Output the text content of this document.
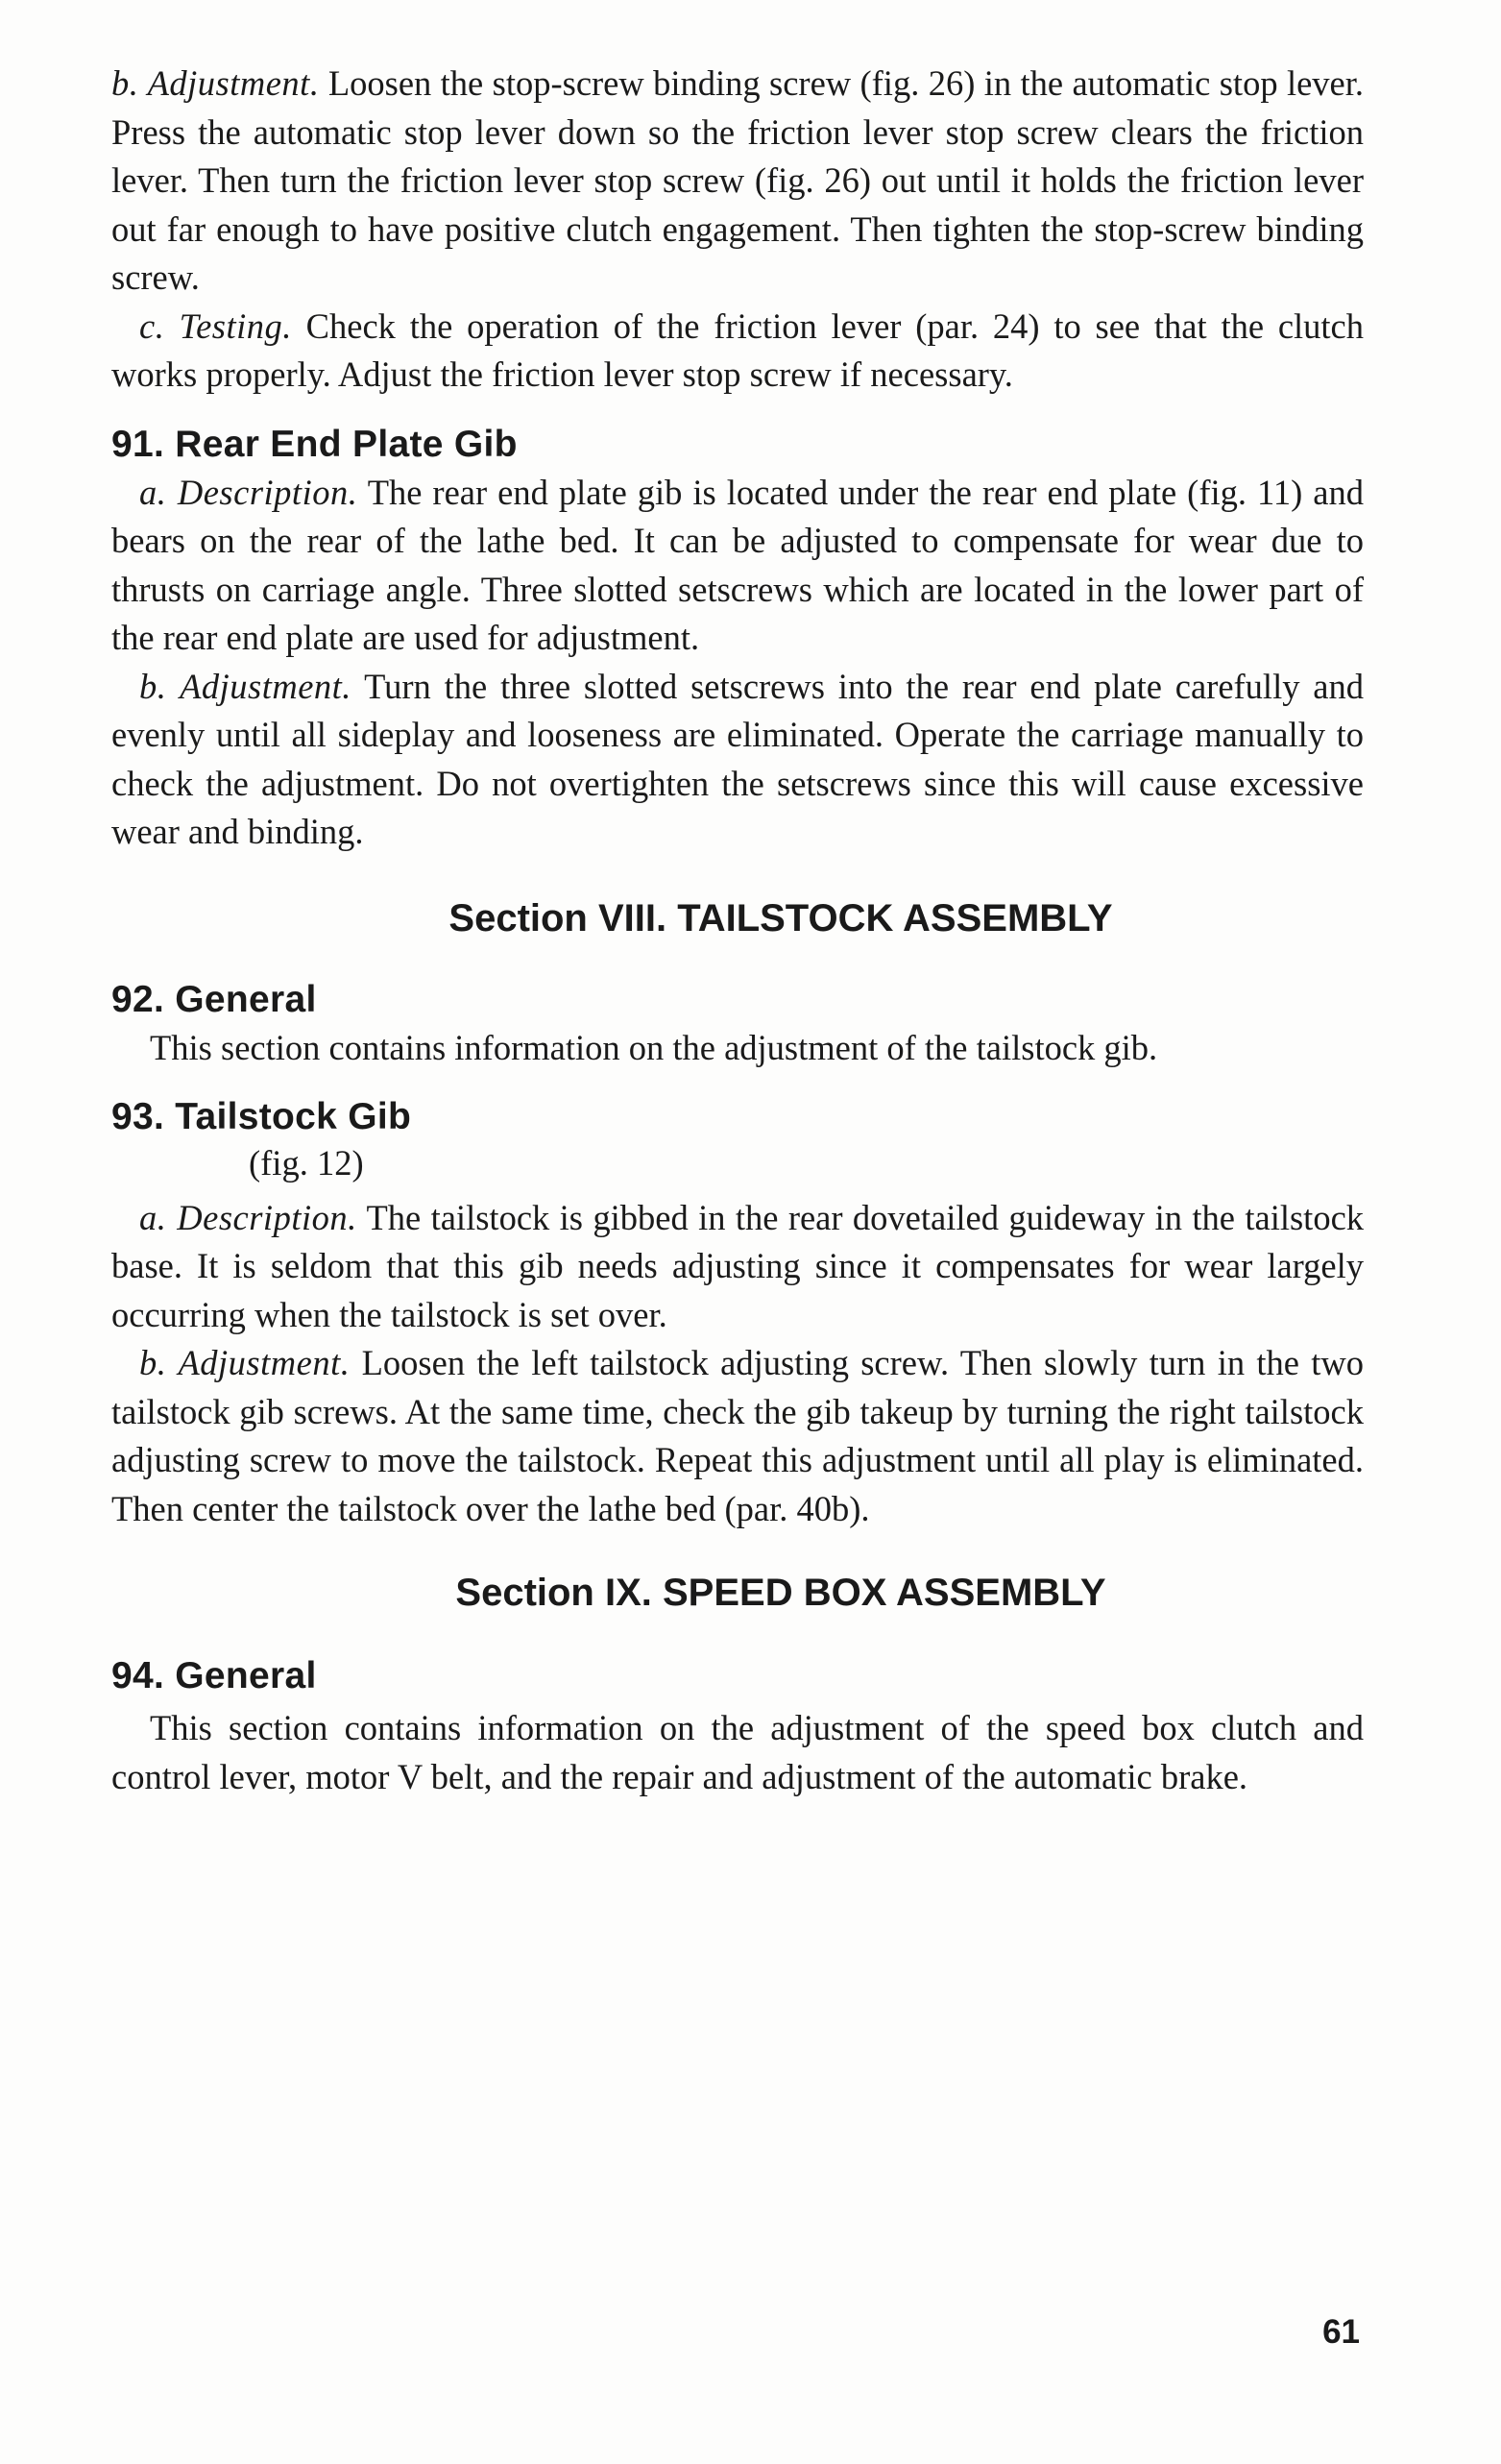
b. Adjustment. Loosen the stop-screw binding screw (fig. 26) in the automatic stop lever. Press the automatic stop lever down so the friction lever stop screw clears the friction lever. Then turn the friction lever stop screw (fig. 26) out until it holds the friction lever out far enough to have positive clutch engagement. Then tighten the stop-screw binding screw.

c. Testing. Check the operation of the friction lever (par. 24) to see that the clutch works properly. Adjust the friction lever stop screw if necessary.

91. Rear End Plate Gib

a. Description. The rear end plate gib is located under the rear end plate (fig. 11) and bears on the rear of the lathe bed. It can be adjusted to compensate for wear due to thrusts on carriage angle. Three slotted setscrews which are located in the lower part of the rear end plate are used for adjustment.

b. Adjustment. Turn the three slotted setscrews into the rear end plate carefully and evenly until all sideplay and looseness are eliminated. Operate the carriage manually to check the adjustment. Do not overtighten the setscrews since this will cause excessive wear and binding.

Section VIII. TAILSTOCK ASSEMBLY
92. General

This section contains information on the adjustment of the tailstock gib.

93. Tailstock Gib

(fig. 12)

a. Description. The tailstock is gibbed in the rear dovetailed guideway in the tailstock base. It is seldom that this gib needs adjusting since it compensates for wear largely occurring when the tailstock is set over.

b. Adjustment. Loosen the left tailstock adjusting screw. Then slowly turn in the two tailstock gib screws. At the same time, check the gib takeup by turning the right tailstock adjusting screw to move the tailstock. Repeat this adjustment until all play is eliminated. Then center the tailstock over the lathe bed (par. 40b).

Section IX. SPEED BOX ASSEMBLY
94. General

This section contains information on the adjustment of the speed box clutch and control lever, motor V belt, and the repair and adjustment of the automatic brake.

61
